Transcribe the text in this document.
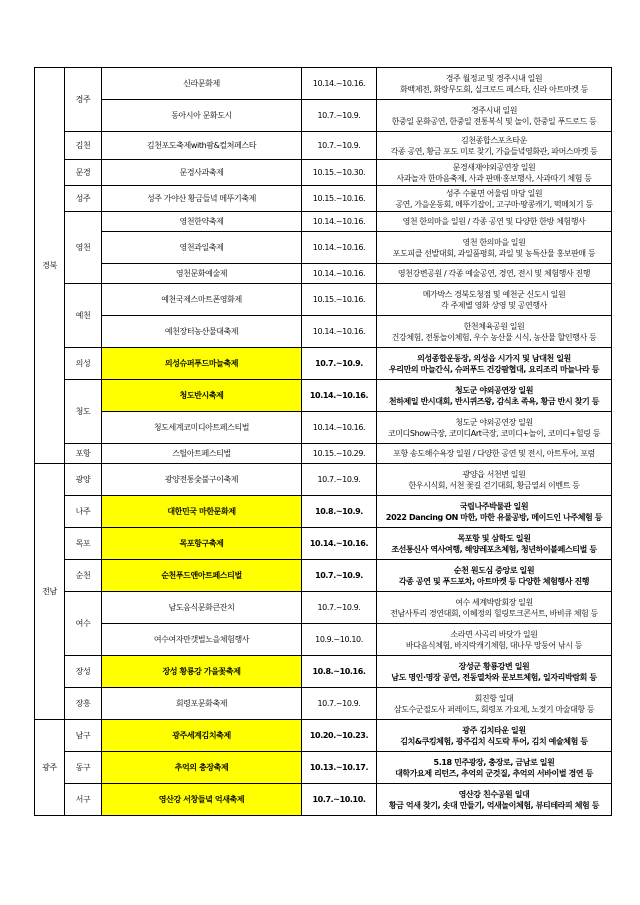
경북	경주	신라문화제	10.14.~10.16.	경주 월정교 및 경주시내 일원
화백제전, 화랑무도회, 실크로드 페스타, 신라 아트마켓 등

		동아시아 문화도시	10.7.~10.9.	경주시내 일원
한중일 문화공연, 한중일 전통복식 및 놀이, 한중일 푸드로드 등

	김천	김천포도축제with팜&컬쳐페스타	10.7.~10.9.	김천종합스포츠타운
각종 공연, 황금 포도 미로 찾기, 가을들녘영화관, 파머스마켓 등

	문경	문경사과축제	10.15.~10.30.	문경새재야외공연장 일원
사과놀자 한마음축제, 사과 판매·홍보행사, 사과따기 체험 등

	성주	성주 가야산 황금들녘 메뚜기축제	10.15.~10.16.	성주 수륜면 어울림 마당 일원
공연, 가을운동회, 메뚜기잡이, 고구마·땅콩캐기, 떡메치기 등

	영천	영천한약축제	10.14.~10.16.	영천 한의마을 일원 / 각종 공연 및 다양한 한방 체험행사

		영천과일축제	10.14.~10.16.	영천 한의마을 일원
포도피클 선발대회, 과일품평회, 과일 및 농특산물 홍보판매 등

		영천문화예술제	10.14.~10.16.	영천강변공원 / 각종 예술공연, 경연, 전시 및 체험행사 진행

	예천	예천국제스마트폰영화제	10.15.~10.16.	메가박스 경북도청점 및 예천군 신도시 일원
각 주제별 영화 상영 및 공연행사

		예천장터농산물대축제	10.14.~10.16.	한천체육공원 일원
건강체험, 전통놀이체험, 우수 농산물 시식, 농산물 할인행사 등

	의성	의성슈퍼푸드마늘축제	10.7.~10.9.	의성종합운동장, 의성읍 시가지 및 남대천 일원
우리만의 마늘간식, 슈퍼푸드 건강팜협대, 요리조리 마늘나라 등

	청도	청도반시축제	10.14.~10.16.	청도군 야외공연장 일원
천하제일 반시대회, 반시퀴즈왕, 감식초 족욕, 황금 반시 찾기 등

		청도세계코미디아트페스티벌	10.14.~10.16.	청도군 야외공연장 일원
코미디Show극장, 코미디Art극장, 코미디+놀이, 코미디+힐링 등

	포항	스틸아트페스티벌	10.15.~10.29.	포항 송도해수욕장 일원 / 다양한 공연 및 전시, 아트투어, 포럼

전남	광양	광양전통숯불구이축제	10.7.~10.9.	광양읍 서천변 일원
한우시식회, 서천 꽃길 걷기대회, 황금열쇠 이벤트 등

	나주	대한민국 마한문화제	10.8.~10.9.	국립나주박물관 일원
2022 Dancing ON 마한, 마한 유물공방, 메이드인 나주체험 등

	목포	목포항구축제	10.14.~10.16.	목포항 및 삼학도 일원
조선통신사 역사여행, 해양레포츠체험, 청년하이볼페스티벌 등

	순천	순천푸드앤아트페스티벌	10.7.~10.9.	순천 원도심 중앙로 일원
각종 공연 및 푸드포차, 아트마켓 등 다양한 체험행사 진행

	여수	남도음식문화큰잔치	10.7.~10.9.	여수 세계박람회장 일원
전남사투리 경연대회, 이혜정의 힐링토크콘서트, 바비큐 체험 등

		여수여자만갯벌노을체험행사	10.9.~10.10.	소라면 사곡리 바닷가 일원
바다음식체험, 바지락캐기체험, 대나무 망둥어 낚시 등

	장성	장성 황룡강 가을꽃축제	10.8.~10.16.	장성군 황룡강변 일원
남도 명인·명장 공연, 전동열차와 문보트체험, 일자리박람회 등

	장흥	회령포문화축제	10.7.~10.9.	회진항 일대
삼도수군절도사 퍼레이드, 회령포 가요제, 노젓기 마술대항 등

광주	남구	광주세계김치축제	10.20.~10.23.	광주 김치타운 일원
김치&쿠킹체험, 광주김치 식도락 투어, 김치 예술체험 등

	동구	추억의 충장축제	10.13.~10.17.	5.18 민주광장, 충장로, 금남로 일원
대학가요제 리턴즈, 추억의 군것질, 추억의 서바이벌 경연 등

	서구	영산강 서창들녘 억새축제	10.7.~10.10.	영산강 친수공원 일대
황금 억새 찾기, 솟대 만들기, 억새놀이체험, 뷰티테라피 체험 등
